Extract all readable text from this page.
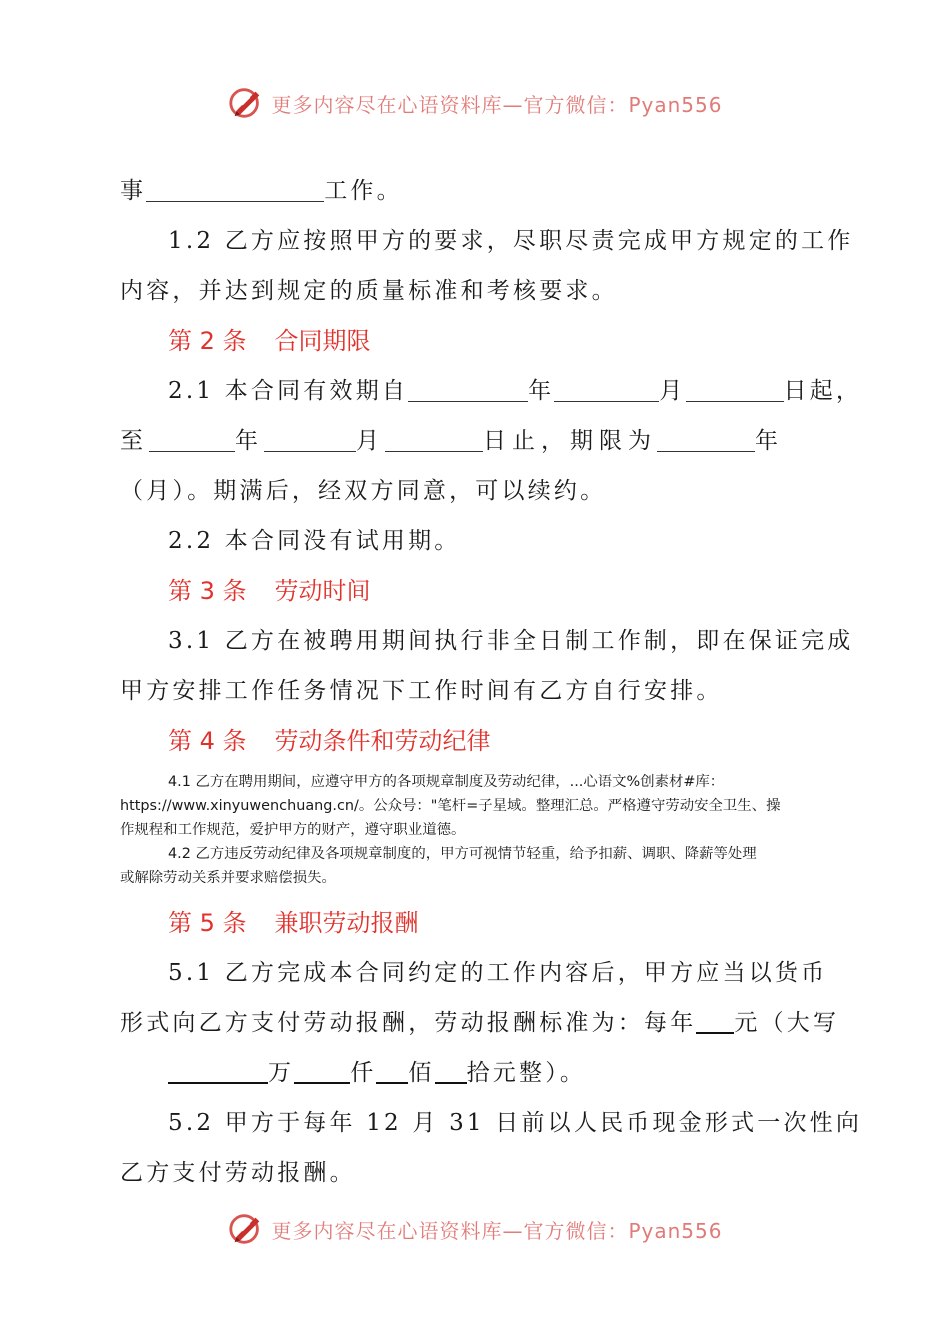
更多内容尽在心语资料库—官方微信：Pyan556

事	工作。

1.2 乙方应按照甲方的要求，尽职尽责完成甲方规定的工作

内容，并达到规定的质量标准和考核要求。

第 2 条 合同期限

2.1 本合同有效期自	年	月	日起，

至	年	月	日止，期限为	年

（月）。期满后，经双方同意，可以续约。

2.2 本合同没有试用期。

第 3 条 劳动时间

3.1 乙方在被聘用期间执行非全日制工作制，即在保证完成

甲方安排工作任务情况下工作时间有乙方自行安排。

第 4 条 劳动条件和劳动纪律

4.1 乙方在聘用期间，应遵守甲方的各项规章制度及劳动纪律，...心语文%创素材#库：

https://www.xinyuwenchuang.cn/。公众号："笔杆=子星域。整理汇总。严格遵守劳动安全卫生、操

作规程和工作规范，爱护甲方的财产，遵守职业道德。

4.2 乙方违反劳动纪律及各项规章制度的，甲方可视情节轻重，给予扣薪、调职、降薪等处理

或解除劳动关系并要求赔偿损失。

第 5 条 兼职劳动报酬

5.1 乙方完成本合同约定的工作内容后，甲方应当以货币

形式向乙方支付劳动报酬，劳动报酬标准为：每年 元（大写

万 仟 佰 拾元整）。

5.2 甲方于每年 12 月 31 日前以人民币现金形式一次性向

乙方支付劳动报酬。

更多内容尽在心语资料库—官方微信：Pyan556
